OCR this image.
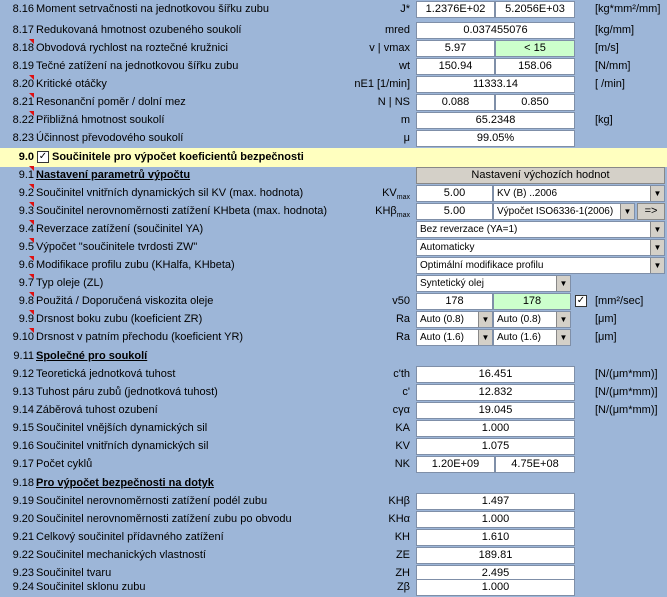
8.16 Moment setrvačnosti na jednotkovou šířku zubu	J*	1.2376E+02	5.2056E+03	[kg*mm²/mm]
8.17 Redukovaná hmotnost ozubeného soukolí	mred	0.037455076	[kg/mm]
8.18 Obvodová rychlost na roztečné kružnici	v | vmax	5.97	< 15	[m/s]
8.19 Tečné zatížení na jednotkovou šířku zubu	wt	150.94	158.06	[N/mm]
8.20 Kritické otáčky	nE1 [1/min]	11333.14	[ /min]
8.21 Resonanční poměr / dolní mez	N | NS	0.088	0.850
8.22 Přibližná hmotnost soukolí	m	65.2348	[kg]
8.23 Účinnost převodového soukolí	μ	99.05%
9.0 ✓ Součinitele pro výpočet koeficientů bezpečnosti
9.1 Nastavení parametrů výpočtu	Nastavení výchozích hodnot
9.2 Součinitel vnitřních dynamických sil KV (max. hodnota)	$KV_{max}$	5.00	KV (B) ..2006	▼
9.3 Součinitel nerovnoměrnosti zatížení KHbeta (max. hodnota)	KHβ$_{max}$	5.00	Výpočet ISO6336-1(2006)	▼	=>
9.4 Reverzace zatížení (součinitel YA)	Bez reverzace (YA=1)	▼
9.5 Výpočet "součinitele tvrdosti ZW"	Automaticky	▼
9.6 Modifikace profilu zubu (KHalfa, KHbeta)	Optimální modifikace profilu	▼
9.7 Typ oleje (ZL)	Syntetický olej	▼
9.8 Použitá / Doporučená viskozita oleje	v50	178	178	✓ [mm²/sec]
9.9 Drsnost boku zubu (koeficient ZR)	Ra	Auto (0.8)	▼ Auto (0.8)	▼	[μm]
9.10 Drsnost v patním přechodu (koeficient YR)	Ra	Auto (1.6)	▼ Auto (1.6)	▼	[μm]
9.11 Společné pro soukolí
9.12 Teoretická jednotková tuhost	c'th	16.451	[N/(μm*mm)]
9.13 Tuhost páru zubů (jednotková tuhost)	c'	12.832	[N/(μm*mm)]
9.14 Záběrová tuhost ozubení	cγα	19.045	[N/(μm*mm)]
9.15 Součinitel vnějších dynamických sil	KA	1.000
9.16 Součinitel vnitřních dynamických sil	KV	1.075
9.17 Počet cyklů	NK	1.20E+09	4.75E+08
9.18 Pro výpočet bezpečnosti na dotyk
9.19 Součinitel nerovnoměrnosti zatížení podél zubu	KHβ	1.497
9.20 Součinitel nerovnoměrnosti zatížení zubu po obvodu	KHα	1.000
9.21 Celkový součinitel přídavného zatížení	KH	1.610
9.22 Součinitel mechanických vlastností	ZE	189.81
9.23 Součinitel tvaru	ZH	2.495
9.24 Součinitel sklonu zubu	Zβ	1.000
